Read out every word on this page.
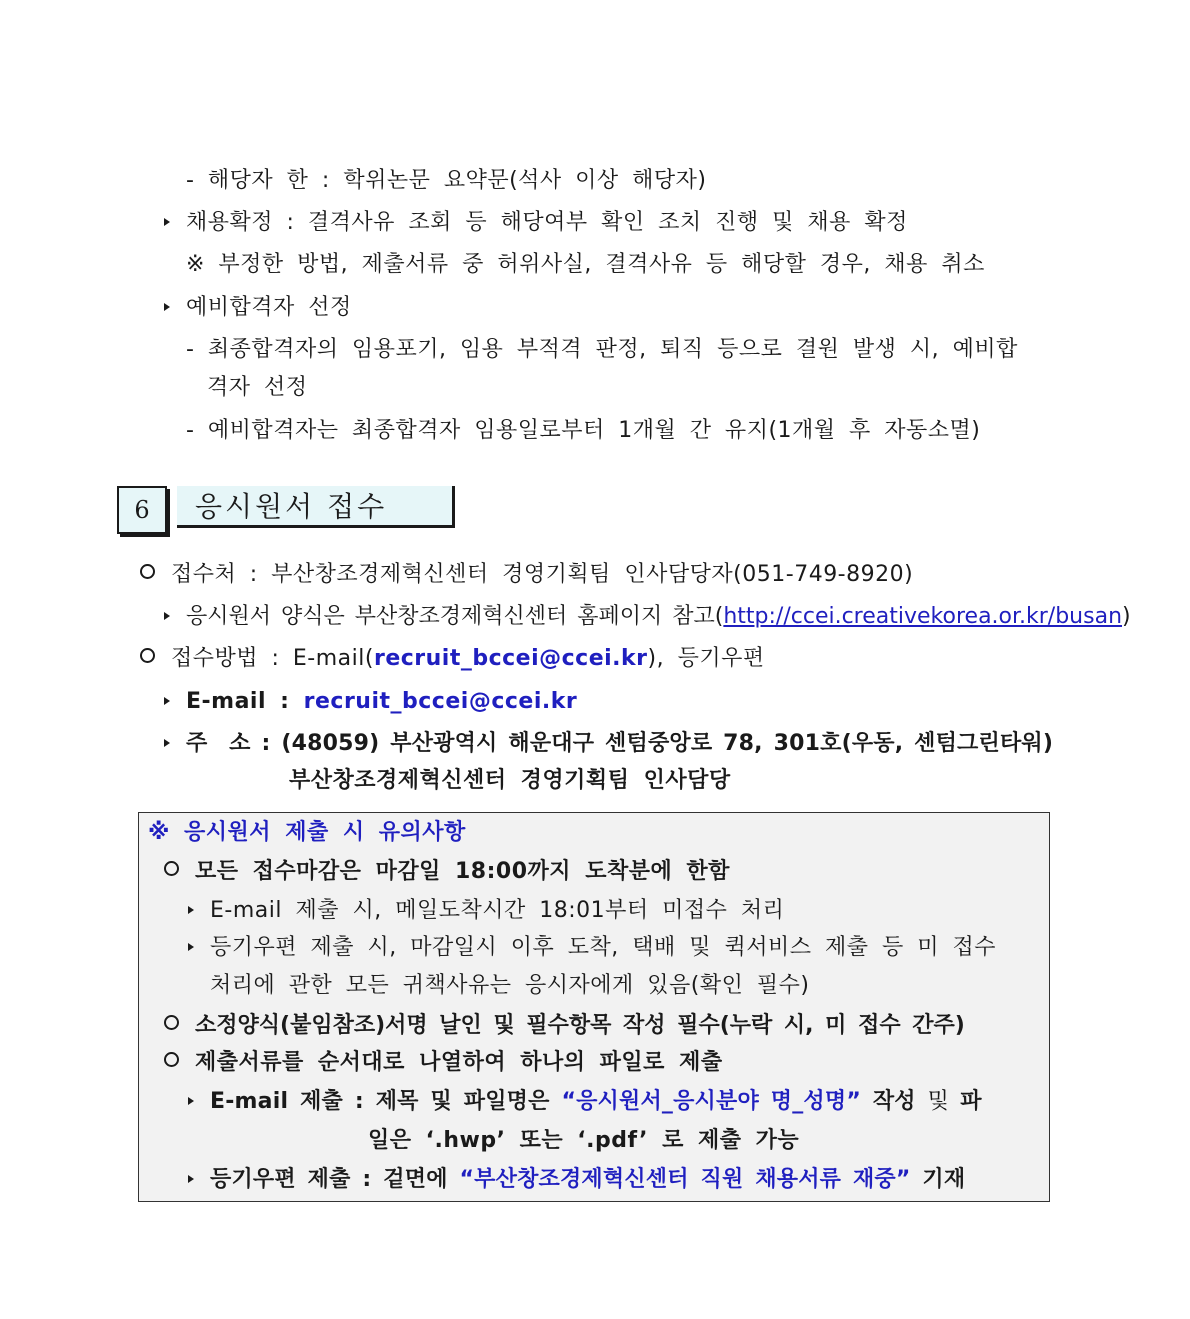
- 해당자 한 : 학위논문 요약문(석사 이상 해당자)
채용확정 : 결격사유 조회 등 해당여부 확인 조치 진행 및 채용 확정
※ 부정한 방법, 제출서류 중 허위사실, 결격사유 등 해당할 경우, 채용 취소
예비합격자 선정
- 최종합격자의 임용포기, 임용 부적격 판정, 퇴직 등으로 결원 발생 시, 예비합
격자 선정
- 예비합격자는 최종합격자 임용일로부터 1개월 간 유지(1개월 후 자동소멸)
6	응시원서 접수
접수처 : 부산창조경제혁신센터 경영기획팀 인사담당자(051-749-8920)
응시원서 양식은 부산창조경제혁신센터 홈페이지 참고(http://ccei.creativekorea.or.kr/busan)
접수방법 : E-mail(recruit_bccei@ccei.kr), 등기우편
E-mail : recruit_bccei@ccei.kr
주  소 : (48059) 부산광역시 해운대구 센텀중앙로 78, 301호(우동, 센텀그린타워)
부산창조경제혁신센터 경영기획팀 인사담당
※ 응시원서 제출 시 유의사항
모든 접수마감은 마감일 18:00까지 도착분에 한함
E-mail 제출 시, 메일도착시간 18:01부터 미접수 처리
등기우편 제출 시, 마감일시 이후 도착, 택배 및 퀵서비스 제출 등 미 접수
처리에 관한 모든 귀책사유는 응시자에게 있음(확인 필수)
소정양식(붙임참조)서명 날인 및 필수항목 작성 필수(누락 시, 미 접수 간주)
제출서류를 순서대로 나열하여 하나의 파일로 제출
E-mail 제출 : 제목 및 파일명은 “응시원서_응시분야 명_성명” 작성 및 파
일은 ‘.hwp’ 또는 ‘.pdf’ 로 제출 가능
등기우편 제출 : 겉면에 “부산창조경제혁신센터 직원 채용서류 재중” 기재
